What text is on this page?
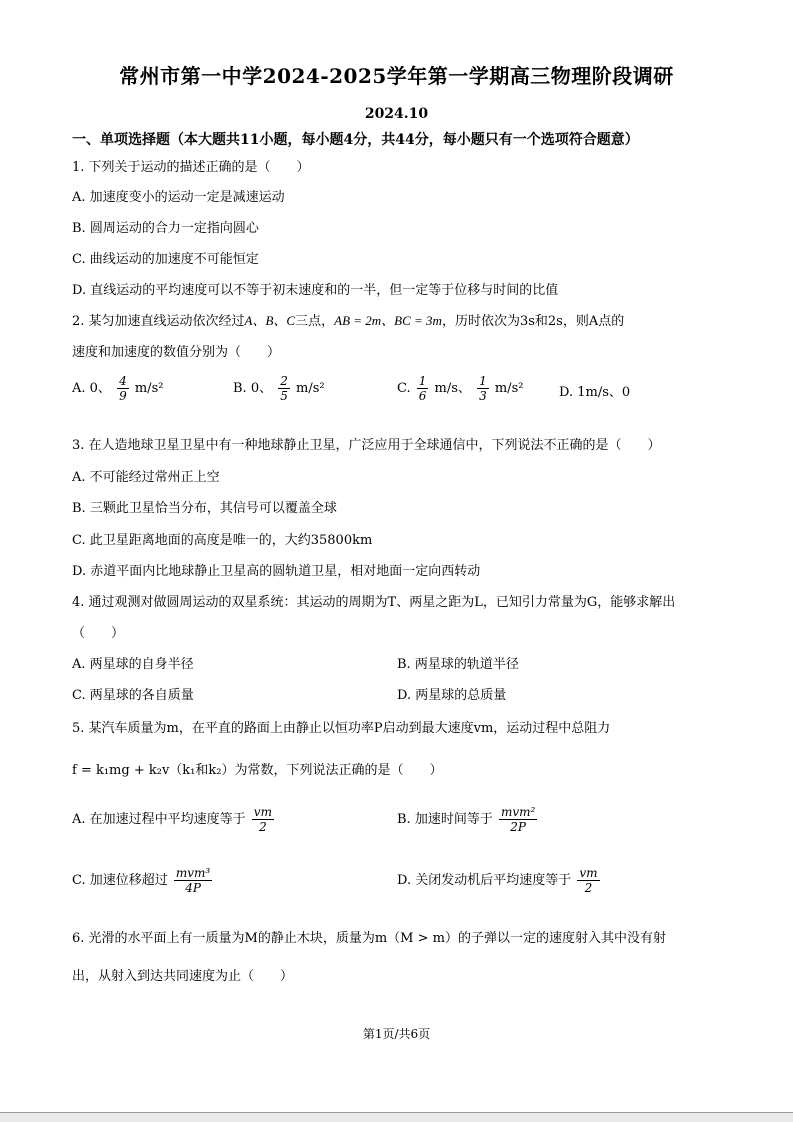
常州市第一中学2024-2025学年第一学期高三物理阶段调研
2024.10
一、单项选择题（本大题共11小题，每小题4分，共44分，每小题只有一个选项符合题意）
1. 下列关于运动的描述正确的是（　　）
A. 加速度变小的运动一定是减速运动
B. 圆周运动的合力一定指向圆心
C. 曲线运动的加速度不可能恒定
D. 直线运动的平均速度可以不等于初末速度和的一半，但一定等于位移与时间的比值
2. 某匀加速直线运动依次经过A、B、C三点，AB = 2m、BC = 3m，历时依次为3s和2s，则A点的
速度和加速度的数值分别为（　　）
A. 0、 $\frac{4}{9} m/s^2$	B. 0、 $\frac{2}{5} m/s^2$	C. $\frac{1}{6} m/s$、 $\frac{1}{3} m/s^2$	D. 1m/s、0
3. 在人造地球卫星卫星中有一种地球静止卫星，广泛应用于全球通信中，下列说法不正确的是（　　）
A. 不可能经过常州正上空
B. 三颗此卫星恰当分布，其信号可以覆盖全球
C. 此卫星距离地面的高度是唯一的，大约35800km
D. 赤道平面内比地球静止卫星高的圆轨道卫星，相对地面一定向西转动
4. 通过观测对做圆周运动的双星系统：其运动的周期为T、两星之距为L，已知引力常量为G，能够求解出
（　　）
A. 两星球的自身半径	B. 两星球的轨道半径
C. 两星球的各自质量	D. 两星球的总质量
5. 某汽车质量为m，在平直的路面上由静止以恒功率P启动到最大速度vm，运动过程中总阻力
f = k₁mg + k₂v（k₁和k₂）为常数，下列说法正确的是（　　）
A. 在加速过程中平均速度等于 $\frac{vm}{2}$	B. 加速时间等于 $\frac{\text{mvm²}}{2P}$
C. 加速位移超过 $\frac{\text{mvm³}}{4P}$	D. 关闭发动机后平均速度等于 $\frac{vm}{2}$
6. 光滑的水平面上有一质量为M的静止木块，质量为m（M > m）的子弹以一定的速度射入其中没有射
出，从射入到达共同速度为止（　　）
第1页/共6页
